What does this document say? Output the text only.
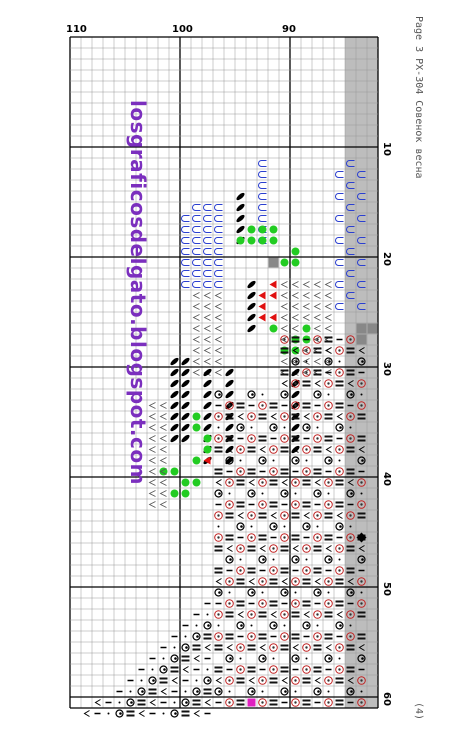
110	100	90
10
20
30
40
50
60
Page 3 PX-304 Совенок весна
(4)
losgraficosdelgato.blogspot.com
